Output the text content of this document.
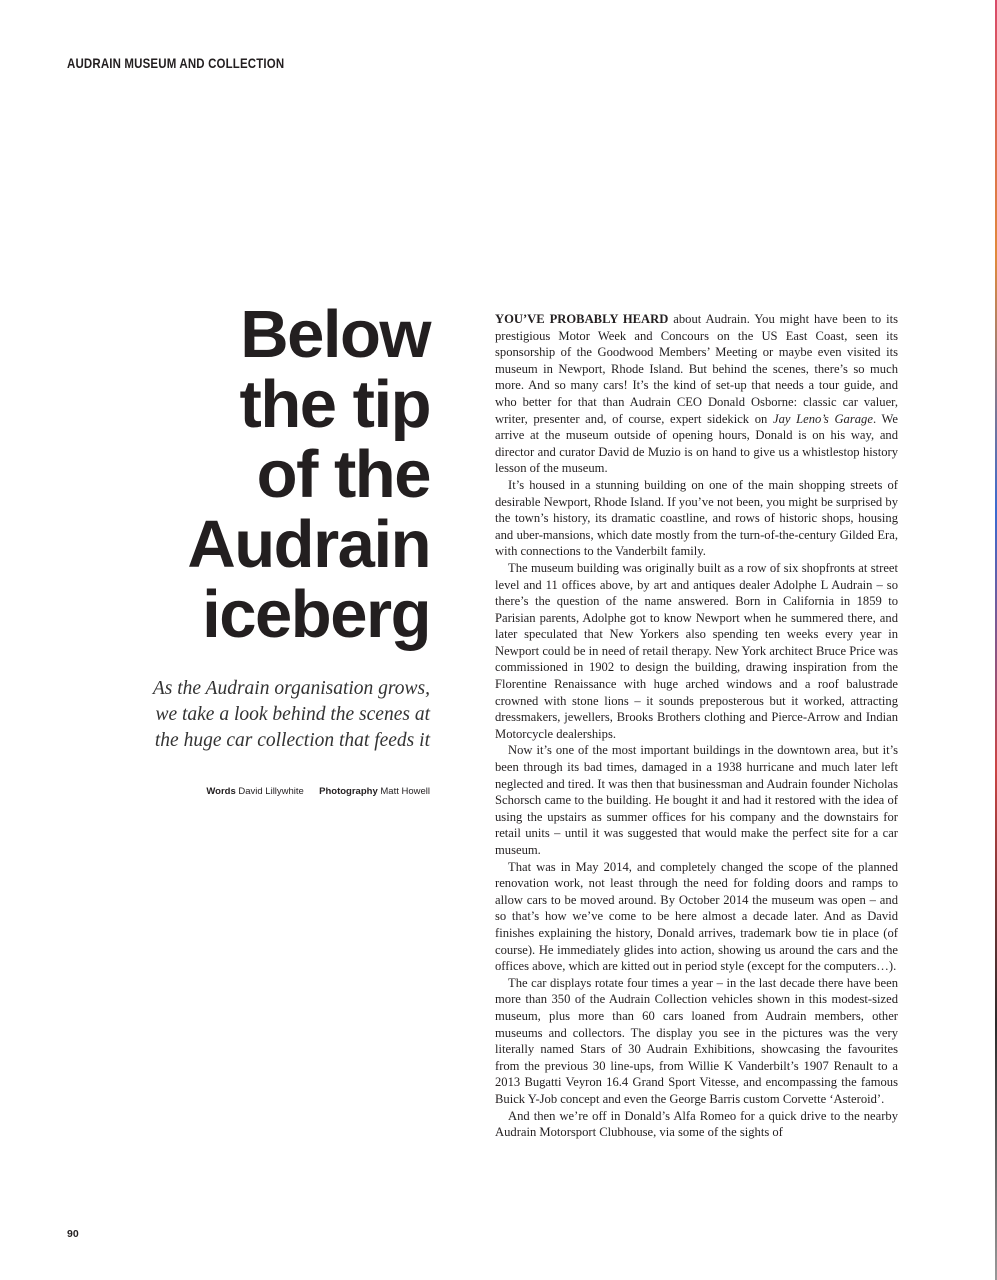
AUDRAIN MUSEUM AND COLLECTION

Below
the tip
of the
Audrain
iceberg

As the Audrain organisation grows, we take a look behind the scenes at the huge car collection that feeds it

Words David Lillywhite Photography Matt Howell

YOU’VE PROBABLY HEARD about Audrain. You might have been to its prestigious Motor Week and Concours on the US East Coast, seen its sponsorship of the Goodwood Members’ Meeting or maybe even visited its museum in Newport, Rhode Island. But behind the scenes, there’s so much more. And so many cars! It’s the kind of set-up that needs a tour guide, and who better for that than Audrain CEO Donald Osborne: classic car valuer, writer, presenter and, of course, expert sidekick on Jay Leno’s Garage. We arrive at the museum outside of opening hours, Donald is on his way, and director and curator David de Muzio is on hand to give us a whistlestop history lesson of the museum.

It’s housed in a stunning building on one of the main shopping streets of desirable Newport, Rhode Island. If you’ve not been, you might be surprised by the town’s history, its dramatic coastline, and rows of historic shops, housing and uber-mansions, which date mostly from the turn-of-the-century Gilded Era, with connections to the Vanderbilt family.

The museum building was originally built as a row of six shopfronts at street level and 11 offices above, by art and antiques dealer Adolphe L Audrain – so there’s the question of the name answered. Born in California in 1859 to Parisian parents, Adolphe got to know Newport when he summered there, and later speculated that New Yorkers also spending ten weeks every year in Newport could be in need of retail therapy. New York architect Bruce Price was commissioned in 1902 to design the building, drawing inspiration from the Florentine Renaissance with huge arched windows and a roof balustrade crowned with stone lions – it sounds preposterous but it worked, attracting dressmakers, jewellers, Brooks Brothers clothing and Pierce-Arrow and Indian Motorcycle dealerships.

Now it’s one of the most important buildings in the downtown area, but it’s been through its bad times, damaged in a 1938 hurricane and much later left neglected and tired. It was then that businessman and Audrain founder Nicholas Schorsch came to the building. He bought it and had it restored with the idea of using the upstairs as summer offices for his company and the downstairs for retail units – until it was suggested that would make the perfect site for a car museum.

That was in May 2014, and completely changed the scope of the planned renovation work, not least through the need for folding doors and ramps to allow cars to be moved around. By October 2014 the museum was open – and so that’s how we’ve come to be here almost a decade later. And as David finishes explaining the history, Donald arrives, trademark bow tie in place (of course). He immediately glides into action, showing us around the cars and the offices above, which are kitted out in period style (except for the computers…).

The car displays rotate four times a year – in the last decade there have been more than 350 of the Audrain Collection vehicles shown in this modest-sized museum, plus more than 60 cars loaned from Audrain members, other museums and collectors. The display you see in the pictures was the very literally named Stars of 30 Audrain Exhibitions, showcasing the favourites from the previous 30 line-ups, from Willie K Vanderbilt’s 1907 Renault to a 2013 Bugatti Veyron 16.4 Grand Sport Vitesse, and encompassing the famous Buick Y-Job concept and even the George Barris custom Corvette ‘Asteroid’.

And then we’re off in Donald’s Alfa Romeo for a quick drive to the nearby Audrain Motorsport Clubhouse, via some of the sights of

90
